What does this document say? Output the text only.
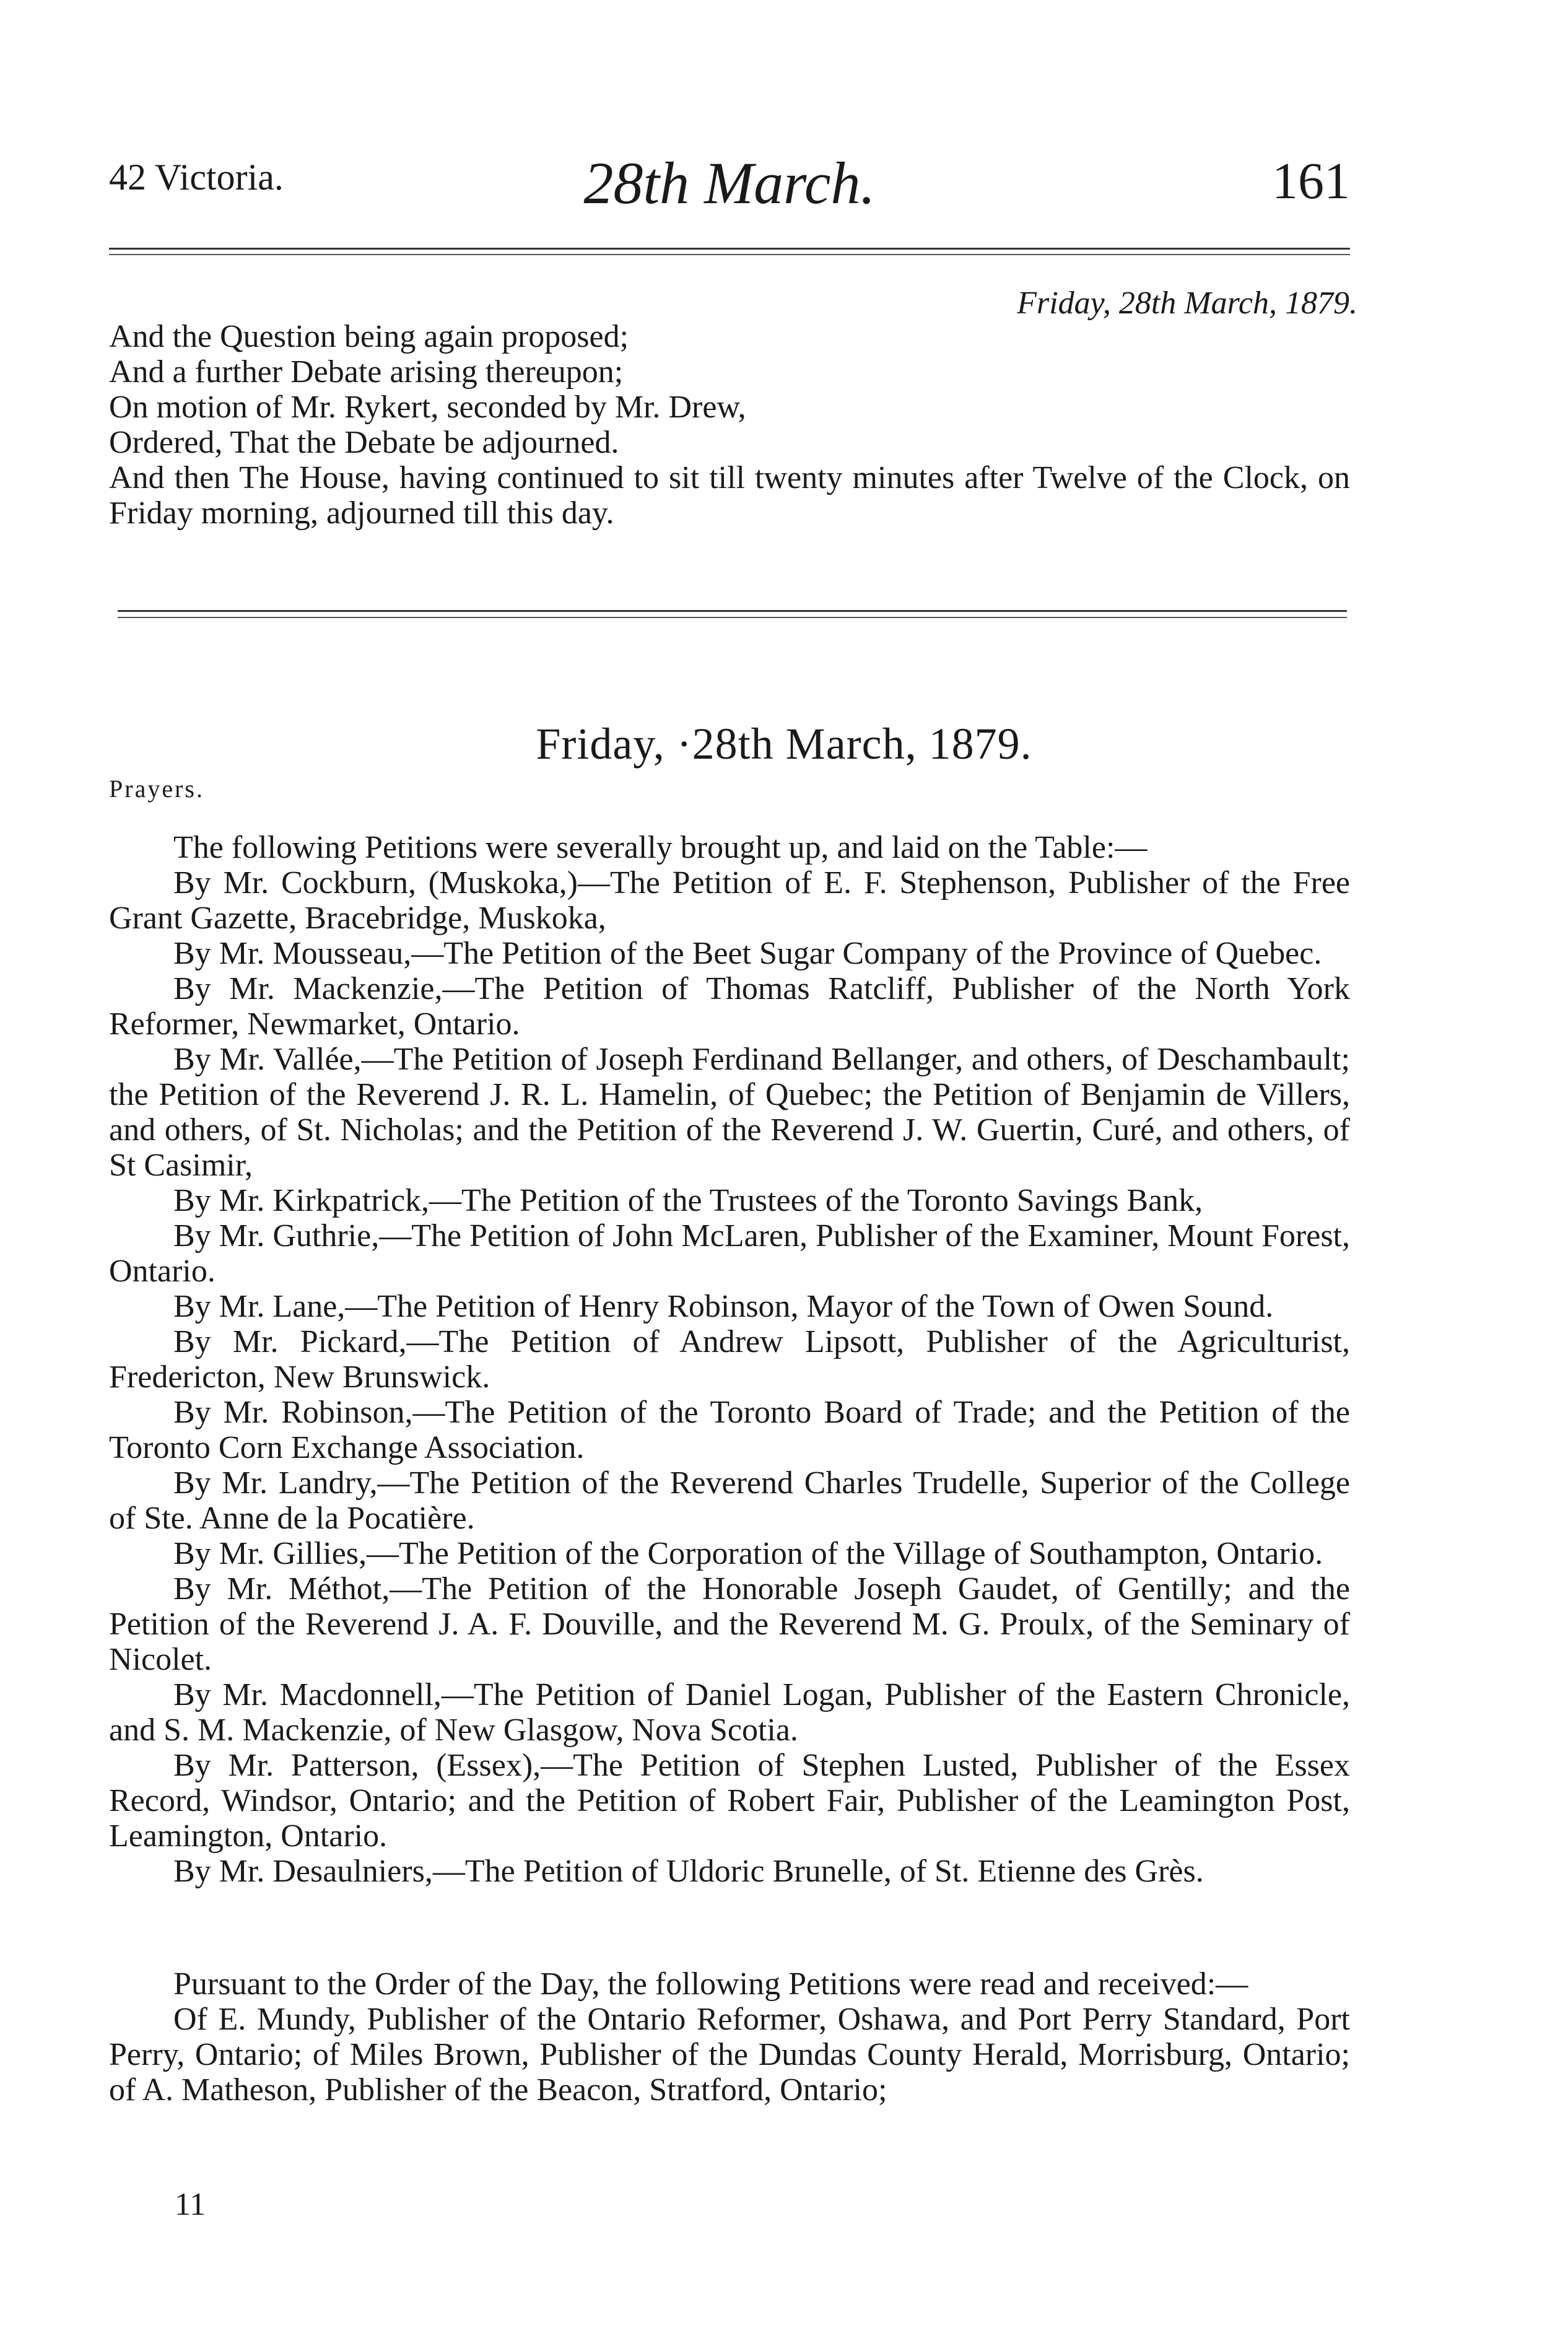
42 Victoria.	28th March.	161
Friday, 28th March, 1879.

And the Question being again proposed;

And a further Debate arising thereupon;

On motion of Mr. Rykert, seconded by Mr. Drew,

Ordered, That the Debate be adjourned.

And then The House, having continued to sit till twenty minutes after Twelve of the Clock, on Friday morning, adjourned till this day.

Friday, ·28th March, 1879.
Prayers.

The following Petitions were severally brought up, and laid on the Table:—

By Mr. Cockburn, (Muskoka,)—The Petition of E. F. Stephenson, Publisher of the Free Grant Gazette, Bracebridge, Muskoka,

By Mr. Mousseau,—The Petition of the Beet Sugar Company of the Province of Quebec.

By Mr. Mackenzie,—The Petition of Thomas Ratcliff, Publisher of the North York Reformer, Newmarket, Ontario.

By Mr. Vallée,—The Petition of Joseph Ferdinand Bellanger, and others, of Deschambault; the Petition of the Reverend J. R. L. Hamelin, of Quebec; the Petition of Benjamin de Villers, and others, of St. Nicholas; and the Petition of the Reverend J. W. Guertin, Curé, and others, of St Casimir,

By Mr. Kirkpatrick,—The Petition of the Trustees of the Toronto Savings Bank,

By Mr. Guthrie,—The Petition of John McLaren, Publisher of the Examiner, Mount Forest, Ontario.

By Mr. Lane,—The Petition of Henry Robinson, Mayor of the Town of Owen Sound.

By Mr. Pickard,—The Petition of Andrew Lipsott, Publisher of the Agriculturist, Fredericton, New Brunswick.

By Mr. Robinson,—The Petition of the Toronto Board of Trade; and the Petition of the Toronto Corn Exchange Association.

By Mr. Landry,—The Petition of the Reverend Charles Trudelle, Superior of the College of Ste. Anne de la Pocatière.

By Mr. Gillies,—The Petition of the Corporation of the Village of Southampton, Ontario.

By Mr. Méthot,—The Petition of the Honorable Joseph Gaudet, of Gentilly; and the Petition of the Reverend J. A. F. Douville, and the Reverend M. G. Proulx, of the Seminary of Nicolet.

By Mr. Macdonnell,—The Petition of Daniel Logan, Publisher of the Eastern Chronicle, and S. M. Mackenzie, of New Glasgow, Nova Scotia.

By Mr. Patterson, (Essex),—The Petition of Stephen Lusted, Publisher of the Essex Record, Windsor, Ontario; and the Petition of Robert Fair, Publisher of the Leamington Post, Leamington, Ontario.

By Mr. Desaulniers,—The Petition of Uldoric Brunelle, of St. Etienne des Grès.

Pursuant to the Order of the Day, the following Petitions were read and received:—

Of E. Mundy, Publisher of the Ontario Reformer, Oshawa, and Port Perry Standard, Port Perry, Ontario; of Miles Brown, Publisher of the Dundas County Herald, Morrisburg, Ontario; of A. Matheson, Publisher of the Beacon, Stratford, Ontario;

11
